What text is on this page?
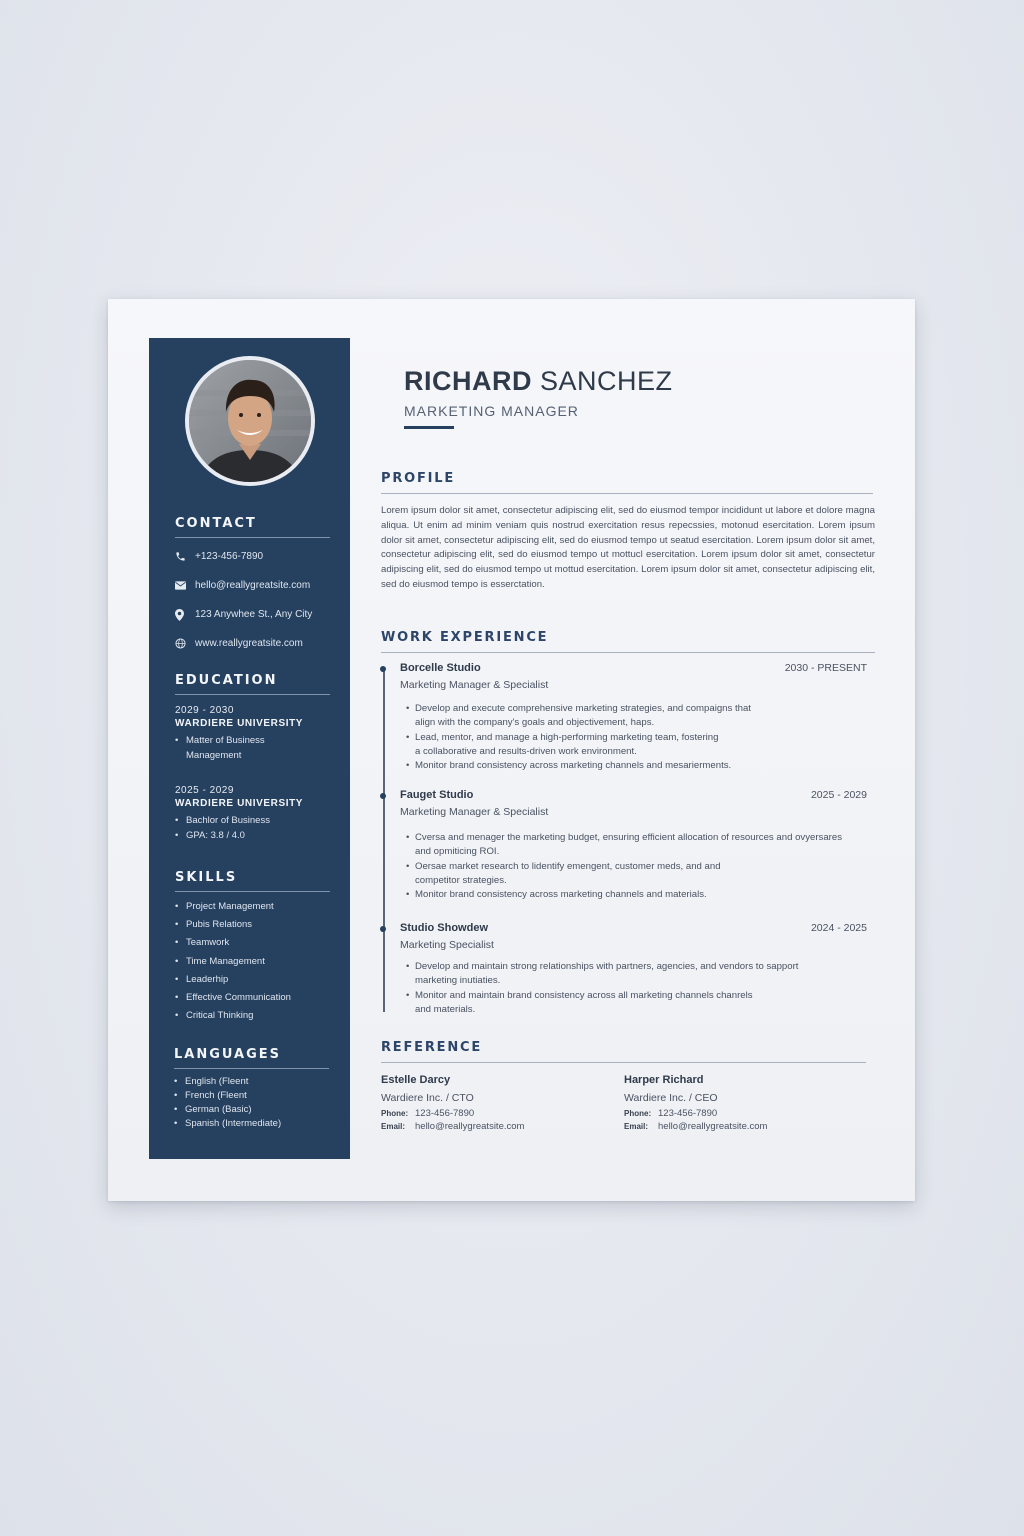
CONTACT
+123-456-7890
hello@reallygreatsite.com
123 Anywhee St., Any City
www.reallygreatsite.com
EDUCATION
2029 - 2030
WARDIERE UNIVERSITY
• Matter of Business Management
2025 - 2029
WARDIERE UNIVERSITY
• Bachlor of Business
• GPA: 3.8 / 4.0
SKILLS
• Project Management
• Pubis Relations
• Teamwork
• Time Management
• Leaderhip
• Effective Communication
• Critical Thinking
LANGUAGES
• English (Fleent
• French (Fleent
• German (Basic)
• Spanish (Intermediate)
RICHARD SANCHEZ
MARKETING MANAGER
PROFILE
Lorem ipsum dolor sit amet, consectetur adipiscing elit, sed do eiusmod tempor incididunt ut labore et dolore magna aliqua. Ut enim ad minim veniam quis nostrud exercitation resus repecssies, motonud esercitation. Lorem ipsum dolor sit amet, consectetur adipiscing elit, sed do eiusmod tempo ut seatud esercitation. Lorem ipsum dolor sit amet, consectetur adipiscing elit, sed do eiusmod tempo ut mottucl esercitation. Lorem ipsum dolor sit amet, consectetur adipiscing elit, sed do eiusmod tempo ut mottud esercitation. Lorem ipsum dolor sit amet, consectetur adipiscing elit, sed do eiusmod tempo is esserctation.
WORK EXPERIENCE
Borcelle Studio	2030 - PRESENT
Marketing Manager & Specialist
• Develop and execute comprehensive marketing strategies, and compaigns that align with the company's goals and objectivement, haps.
• Lead, mentor, and manage a high-performing marketing team, fostering a collaborative and results-driven work environment.
• Monitor brand consistency across marketing channels and mesarierments.
Fauget Studio	2025 - 2029
Marketing Manager & Specialist
• Cversa and menager the marketing budget, ensuring efficient allocation of resources and ovyersares and opmiticing ROI.
• Oersae market research to lidentify emengent, customer meds, and and competitor strategies.
• Monitor brand consistency across marketing channels and materials.
Studio Showdew	2024 - 2025
Marketing Specialist
• Develop and maintain strong relationships with partners, agencies, and vendors to sapport marketing inutiaties.
• Monitor and maintain brand consistency across all marketing channels chanrels and materials.
REFERENCE
Estelle Darcy
Wardiere Inc. / CTO
Phone: 123-456-7890
Email:	hello@reallygreatsite.com
Harper Richard
Wardiere Inc. / CEO
Phone: 123-456-7890
Email:	hello@reallygreatsite.com
